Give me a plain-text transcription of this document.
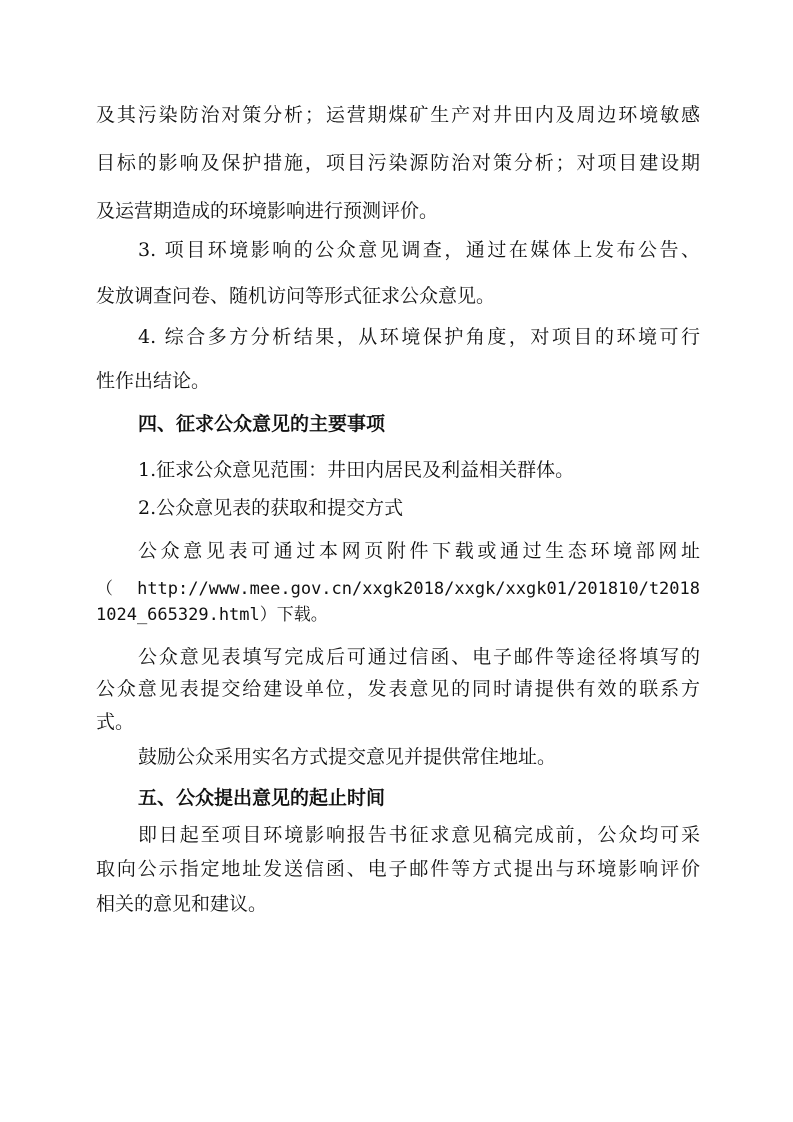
及其污染防治对策分析；运营期煤矿生产对井田内及周边环境敏感
目标的影响及保护措施，项目污染源防治对策分析；对项目建设期
及运营期造成的环境影响进行预测评价。
3. 项目环境影响的公众意见调查，通过在媒体上发布公告、
发放调查问卷、随机访问等形式征求公众意见。
4. 综合多方分析结果，从环境保护角度，对项目的环境可行
性作出结论。
四、征求公众意见的主要事项
1.征求公众意见范围：井田内居民及利益相关群体。
2.公众意见表的获取和提交方式
公众意见表可通过本网页附件下载或通过生态环境部网址
（ http://www.mee.gov.cn/xxgk2018/xxgk/xxgk01/201810/t2018
1024_665329.html）下载。
公众意见表填写完成后可通过信函、电子邮件等途径将填写的
公众意见表提交给建设单位，发表意见的同时请提供有效的联系方
式。
鼓励公众采用实名方式提交意见并提供常住地址。
五、公众提出意见的起止时间
即日起至项目环境影响报告书征求意见稿完成前，公众均可采
取向公示指定地址发送信函、电子邮件等方式提出与环境影响评价
相关的意见和建议。
